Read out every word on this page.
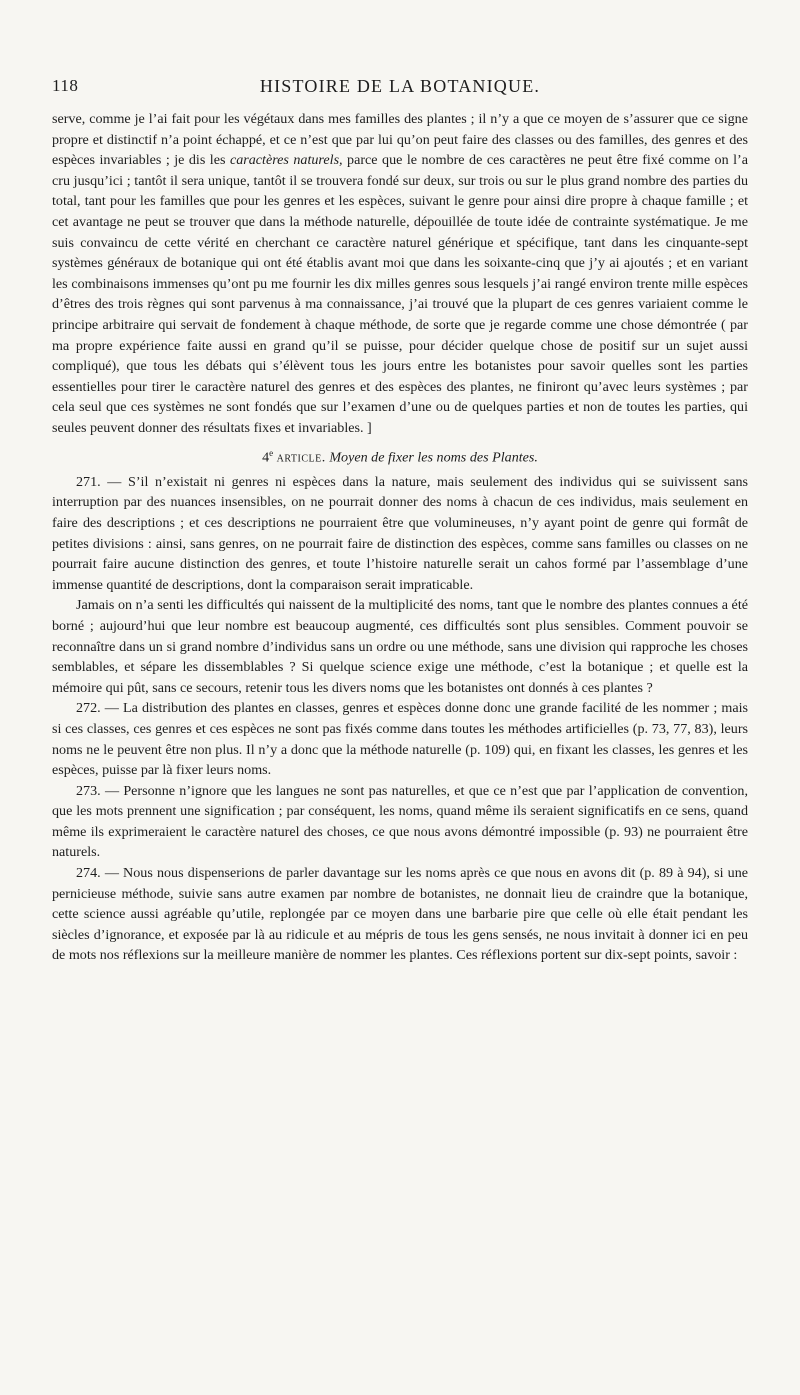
118	HISTOIRE DE LA BOTANIQUE.

serve, comme je l’ai fait pour les végétaux dans mes familles des plantes ; il n’y a que ce moyen de s’assurer que ce signe propre et distinctif n’a point échappé, et ce n’est que par lui qu’on peut faire des classes ou des familles, des genres et des espèces invariables ; je dis les caractères naturels, parce que le nombre de ces caractères ne peut être fixé comme on l’a cru jusqu’ici ; tantôt il sera unique, tantôt il se trouvera fondé sur deux, sur trois ou sur le plus grand nombre des parties du total, tant pour les familles que pour les genres et les espèces, suivant le genre pour ainsi dire propre à chaque famille ; et cet avantage ne peut se trouver que dans la méthode naturelle, dépouillée de toute idée de contrainte systématique. Je me suis convaincu de cette vérité en cherchant ce caractère naturel générique et spécifique, tant dans les cinquante-sept systèmes généraux de botanique qui ont été établis avant moi que dans les soixante-cinq que j’y ai ajoutés ; et en variant les combinaisons immenses qu’ont pu me fournir les dix milles genres sous lesquels j’ai rangé environ trente mille espèces d’êtres des trois règnes qui sont parvenus à ma connaissance, j’ai trouvé que la plupart de ces genres variaient comme le principe arbitraire qui servait de fondement à chaque méthode, de sorte que je regarde comme une chose démontrée ( par ma propre expérience faite aussi en grand qu’il se puisse, pour décider quelque chose de positif sur un sujet aussi compliqué), que tous les débats qui s’élèvent tous les jours entre les botanistes pour savoir quelles sont les parties essentielles pour tirer le caractère naturel des genres et des espèces des plantes, ne finiront qu’avec leurs systèmes ; par cela seul que ces systèmes ne sont fondés que sur l’examen d’une ou de quelques parties et non de toutes les parties, qui seules peuvent donner des résultats fixes et invariables. ]

4e article. Moyen de fixer les noms des Plantes.

271. — S’il n’existait ni genres ni espèces dans la nature, mais seulement des individus qui se suivissent sans interruption par des nuances insensibles, on ne pourrait donner des noms à chacun de ces individus, mais seulement en faire des descriptions ; et ces descriptions ne pourraient être que volumineuses, n’y ayant point de genre qui formât de petites divisions : ainsi, sans genres, on ne pourrait faire de distinction des espèces, comme sans familles ou classes on ne pourrait faire aucune distinction des genres, et toute l’histoire naturelle serait un cahos formé par l’assemblage d’une immense quantité de descriptions, dont la comparaison serait impraticable.

Jamais on n’a senti les difficultés qui naissent de la multiplicité des noms, tant que le nombre des plantes connues a été borné ; aujourd’hui que leur nombre est beaucoup augmenté, ces difficultés sont plus sensibles. Comment pouvoir se reconnaître dans un si grand nombre d’individus sans un ordre ou une méthode, sans une division qui rapproche les choses semblables, et sépare les dissemblables ? Si quelque science exige une méthode, c’est la botanique ; et quelle est la mémoire qui pût, sans ce secours, retenir tous les divers noms que les botanistes ont donnés à ces plantes ?

272. — La distribution des plantes en classes, genres et espèces donne donc une grande facilité de les nommer ; mais si ces classes, ces genres et ces espèces ne sont pas fixés comme dans toutes les méthodes artificielles (p. 73, 77, 83), leurs noms ne le peuvent être non plus. Il n’y a donc que la méthode naturelle (p. 109) qui, en fixant les classes, les genres et les espèces, puisse par là fixer leurs noms.

273. — Personne n’ignore que les langues ne sont pas naturelles, et que ce n’est que par l’application de convention, que les mots prennent une signification ; par conséquent, les noms, quand même ils seraient significatifs en ce sens, quand même ils exprimeraient le caractère naturel des choses, ce que nous avons démontré impossible (p. 93) ne pourraient être naturels.

274. — Nous nous dispenserions de parler davantage sur les noms après ce que nous en avons dit (p. 89 à 94), si une pernicieuse méthode, suivie sans autre examen par nombre de botanistes, ne donnait lieu de craindre que la botanique, cette science aussi agréable qu’utile, replongée par ce moyen dans une barbarie pire que celle où elle était pendant les siècles d’ignorance, et exposée par là au ridicule et au mépris de tous les gens sensés, ne nous invitait à donner ici en peu de mots nos réflexions sur la meilleure manière de nommer les plantes. Ces réflexions portent sur dix-sept points, savoir :
